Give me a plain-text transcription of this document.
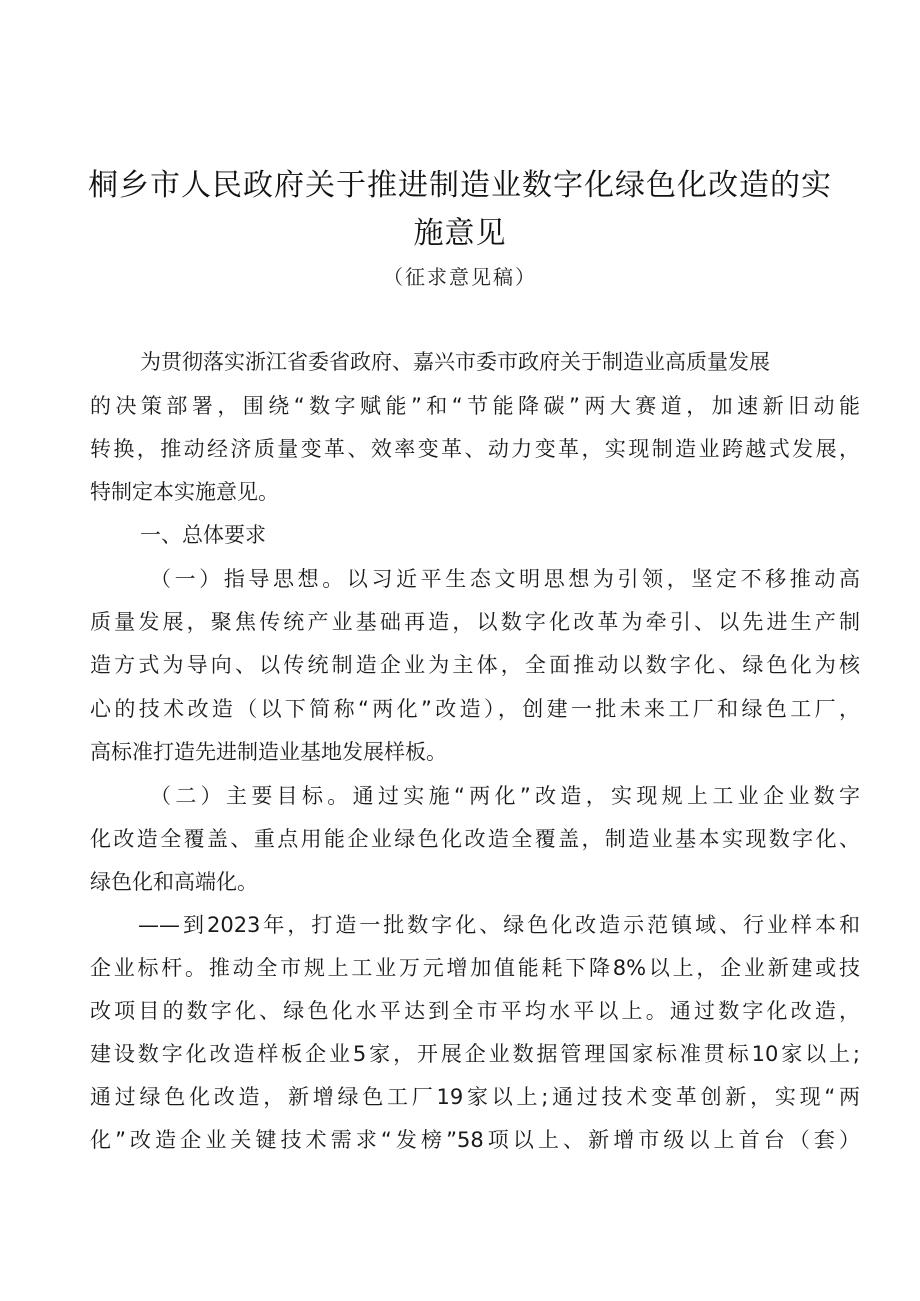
桐乡市人民政府关于推进制造业数字化绿色化改造的实
施意见
（征求意见稿）
为贯彻落实浙江省委省政府、嘉兴市委市政府关于制造业高质量发展
的决策部署，围绕“数字赋能”和“节能降碳”两大赛道，加速新旧动能
转换，推动经济质量变革、效率变革、动力变革，实现制造业跨越式发展，
特制定本实施意见。
一、总体要求
（一）指导思想。以习近平生态文明思想为引领，坚定不移推动高
质量发展，聚焦传统产业基础再造，以数字化改革为牵引、以先进生产制
造方式为导向、以传统制造企业为主体，全面推动以数字化、绿色化为核
心的技术改造（以下简称“两化”改造），创建一批未来工厂和绿色工厂，
高标准打造先进制造业基地发展样板。
（二）主要目标。通过实施“两化”改造，实现规上工业企业数字
化改造全覆盖、重点用能企业绿色化改造全覆盖，制造业基本实现数字化、
绿色化和高端化。
——到2023年，打造一批数字化、绿色化改造示范镇域、行业样本和
企业标杆。推动全市规上工业万元增加值能耗下降8%以上，企业新建或技
改项目的数字化、绿色化水平达到全市平均水平以上。通过数字化改造，
建设数字化改造样板企业5家，开展企业数据管理国家标准贯标10家以上;
通过绿色化改造，新增绿色工厂19家以上;通过技术变革创新，实现“两
化”改造企业关键技术需求“发榜”58项以上、新增市级以上首台（套）
